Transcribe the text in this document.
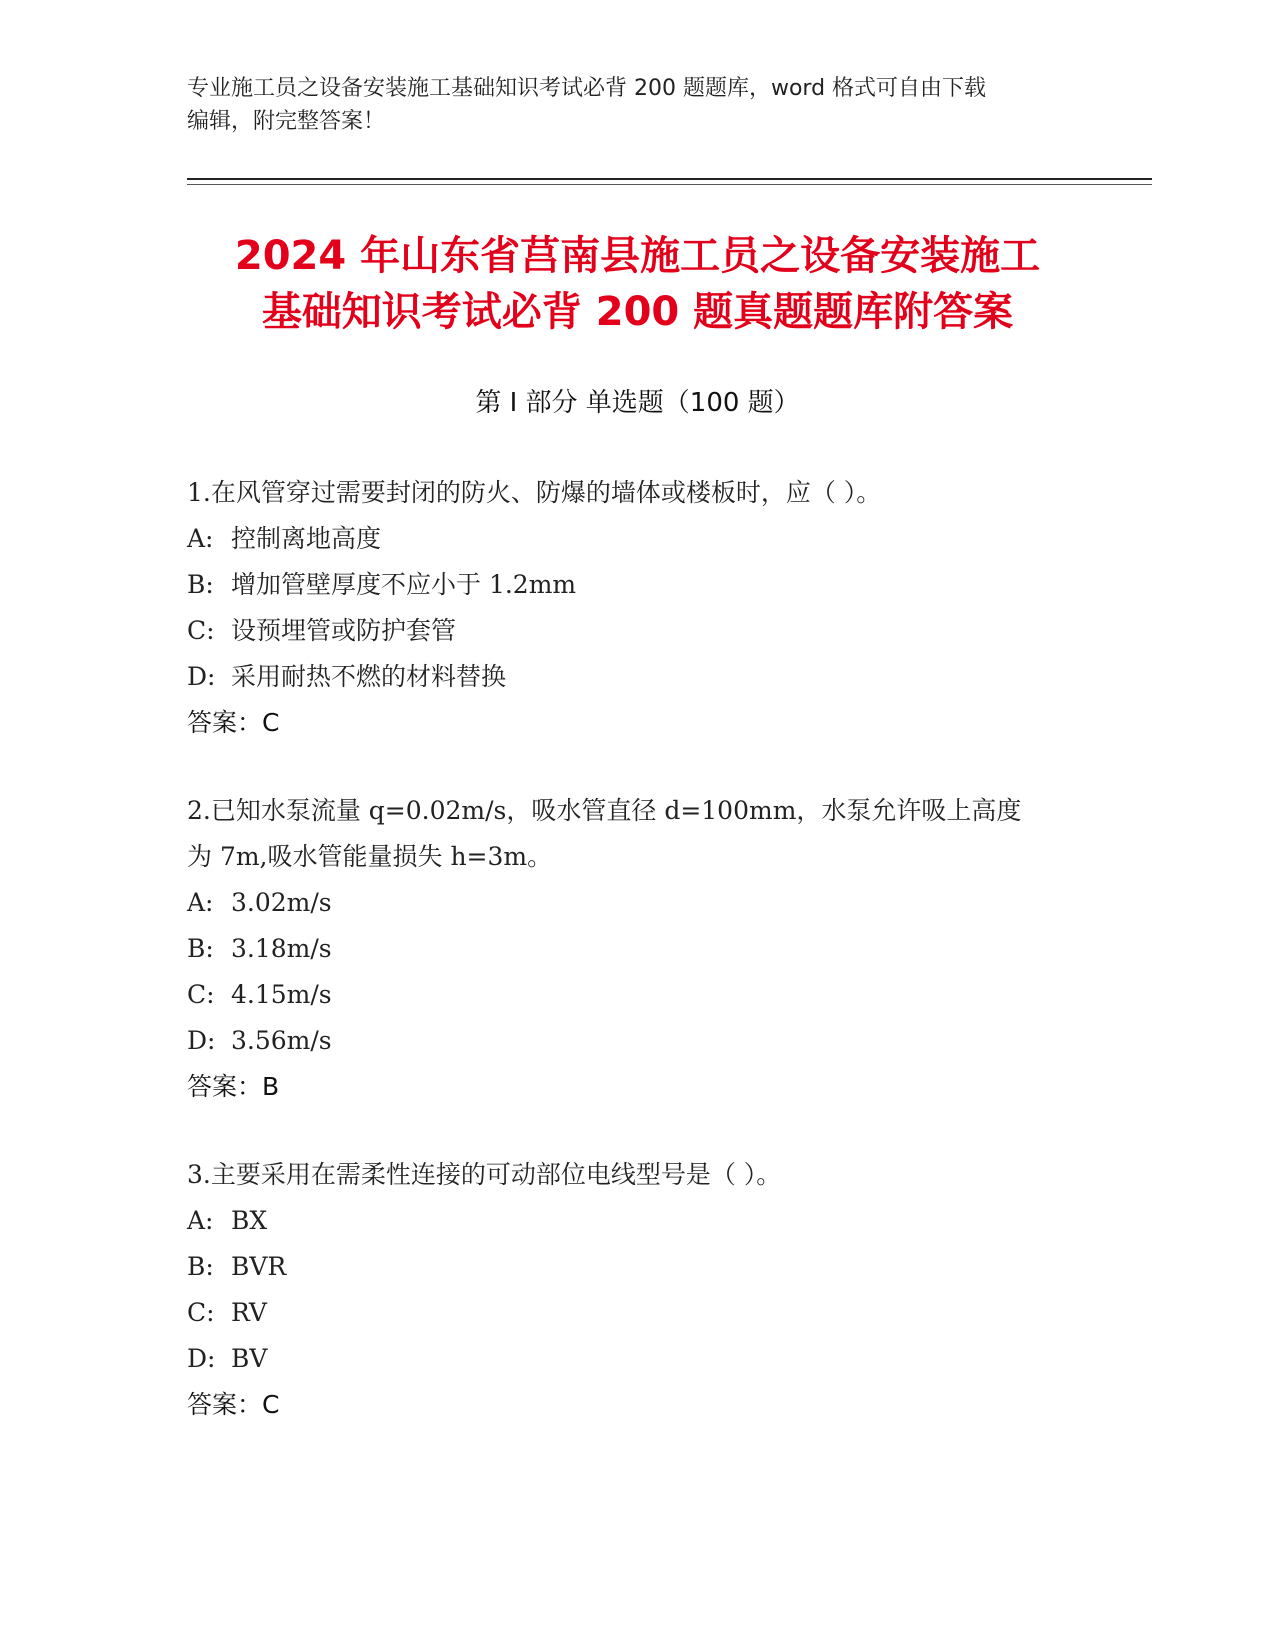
专业施工员之设备安装施工基础知识考试必背 200 题题库，word 格式可自由下载
编辑，附完整答案！
2024 年山东省莒南县施工员之设备安装施工
基础知识考试必背 200 题真题题库附答案
第 I 部分 单选题（100 题）
1.在风管穿过需要封闭的防火、防爆的墙体或楼板时，应（ ）。
A: 控制离地高度
B: 增加管壁厚度不应小于 1.2mm
C: 设预埋管或防护套管
D: 采用耐热不燃的材料替换
答案：C
2.已知水泵流量 q=0.02m/s，吸水管直径 d=100mm，水泵允许吸上高度
为 7m,吸水管能量损失 h=3m。
A: 3.02m/s
B: 3.18m/s
C: 4.15m/s
D: 3.56m/s
答案：B
3.主要采用在需柔性连接的可动部位电线型号是（ ）。
A: BX
B: BVR
C: RV
D: BV
答案：C
